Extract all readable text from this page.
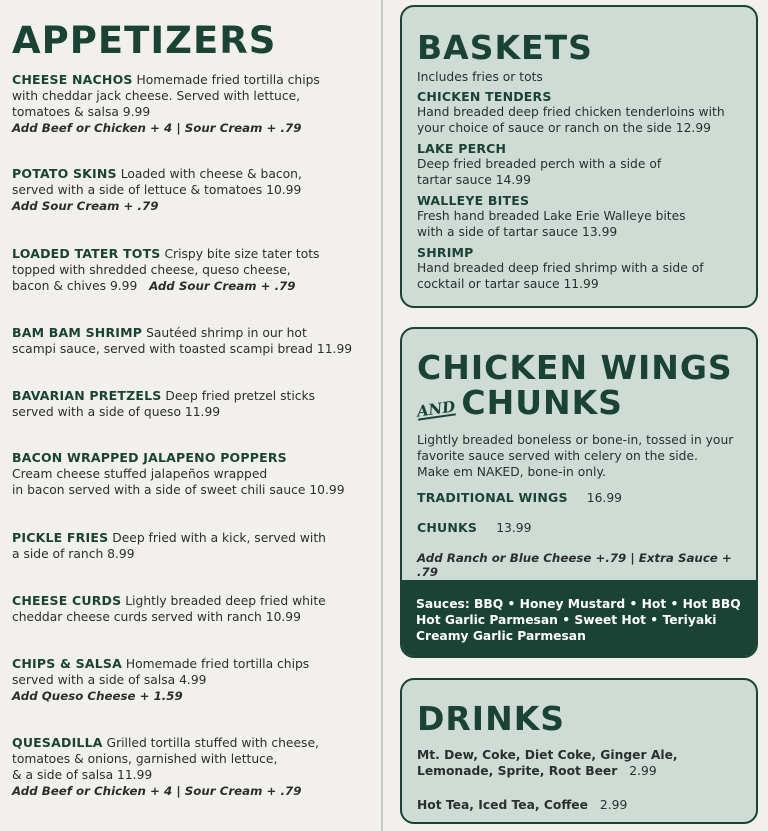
APPETIZERS
CHEESE NACHOS Homemade fried tortilla chips
with cheddar jack cheese. Served with lettuce,
tomatoes & salsa 9.99
Add Beef or Chicken + 4 | Sour Cream + .79
POTATO SKINS Loaded with cheese & bacon,
served with a side of lettuce & tomatoes 10.99
Add Sour Cream + .79
LOADED TATER TOTS Crispy bite size tater tots
topped with shredded cheese, queso cheese,
bacon & chives 9.99 Add Sour Cream + .79
BAM BAM SHRIMP Sautéed shrimp in our hot
scampi sauce, served with toasted scampi bread 11.99
BAVARIAN PRETZELS Deep fried pretzel sticks
served with a side of queso 11.99
BACON WRAPPED JALAPENO POPPERS
Cream cheese stuffed jalapeños wrapped
in bacon served with a side of sweet chili sauce 10.99
PICKLE FRIES Deep fried with a kick, served with
a side of ranch 8.99
CHEESE CURDS Lightly breaded deep fried white
cheddar cheese curds served with ranch 10.99
CHIPS & SALSA Homemade fried tortilla chips
served with a side of salsa 4.99
Add Queso Cheese + 1.59
QUESADILLA Grilled tortilla stuffed with cheese,
tomatoes & onions, garnished with lettuce,
& a side of salsa 11.99
Add Beef or Chicken + 4 | Sour Cream + .79
BASKETS
Includes fries or tots
CHICKEN TENDERS
Hand breaded deep fried chicken tenderloins with
your choice of sauce or ranch on the side 12.99
LAKE PERCH
Deep fried breaded perch with a side of
tartar sauce 14.99
WALLEYE BITES
Fresh hand breaded Lake Erie Walleye bites
with a side of tartar sauce 13.99
SHRIMP
Hand breaded deep fried shrimp with a side of
cocktail or tartar sauce 11.99
CHICKEN WINGS
AND CHUNKS
Lightly breaded boneless or bone-in, tossed in your
favorite sauce served with celery on the side.
Make em NAKED, bone-in only.
TRADITIONAL WINGS 16.99
CHUNKS 13.99
Add Ranch or Blue Cheese +.79 | Extra Sauce + .79
Sauces: BBQ • Honey Mustard • Hot • Hot BBQ
Hot Garlic Parmesan • Sweet Hot • Teriyaki
Creamy Garlic Parmesan
DRINKS
Mt. Dew, Coke, Diet Coke, Ginger Ale,
Lemonade, Sprite, Root Beer 2.99
Hot Tea, Iced Tea, Coffee 2.99
